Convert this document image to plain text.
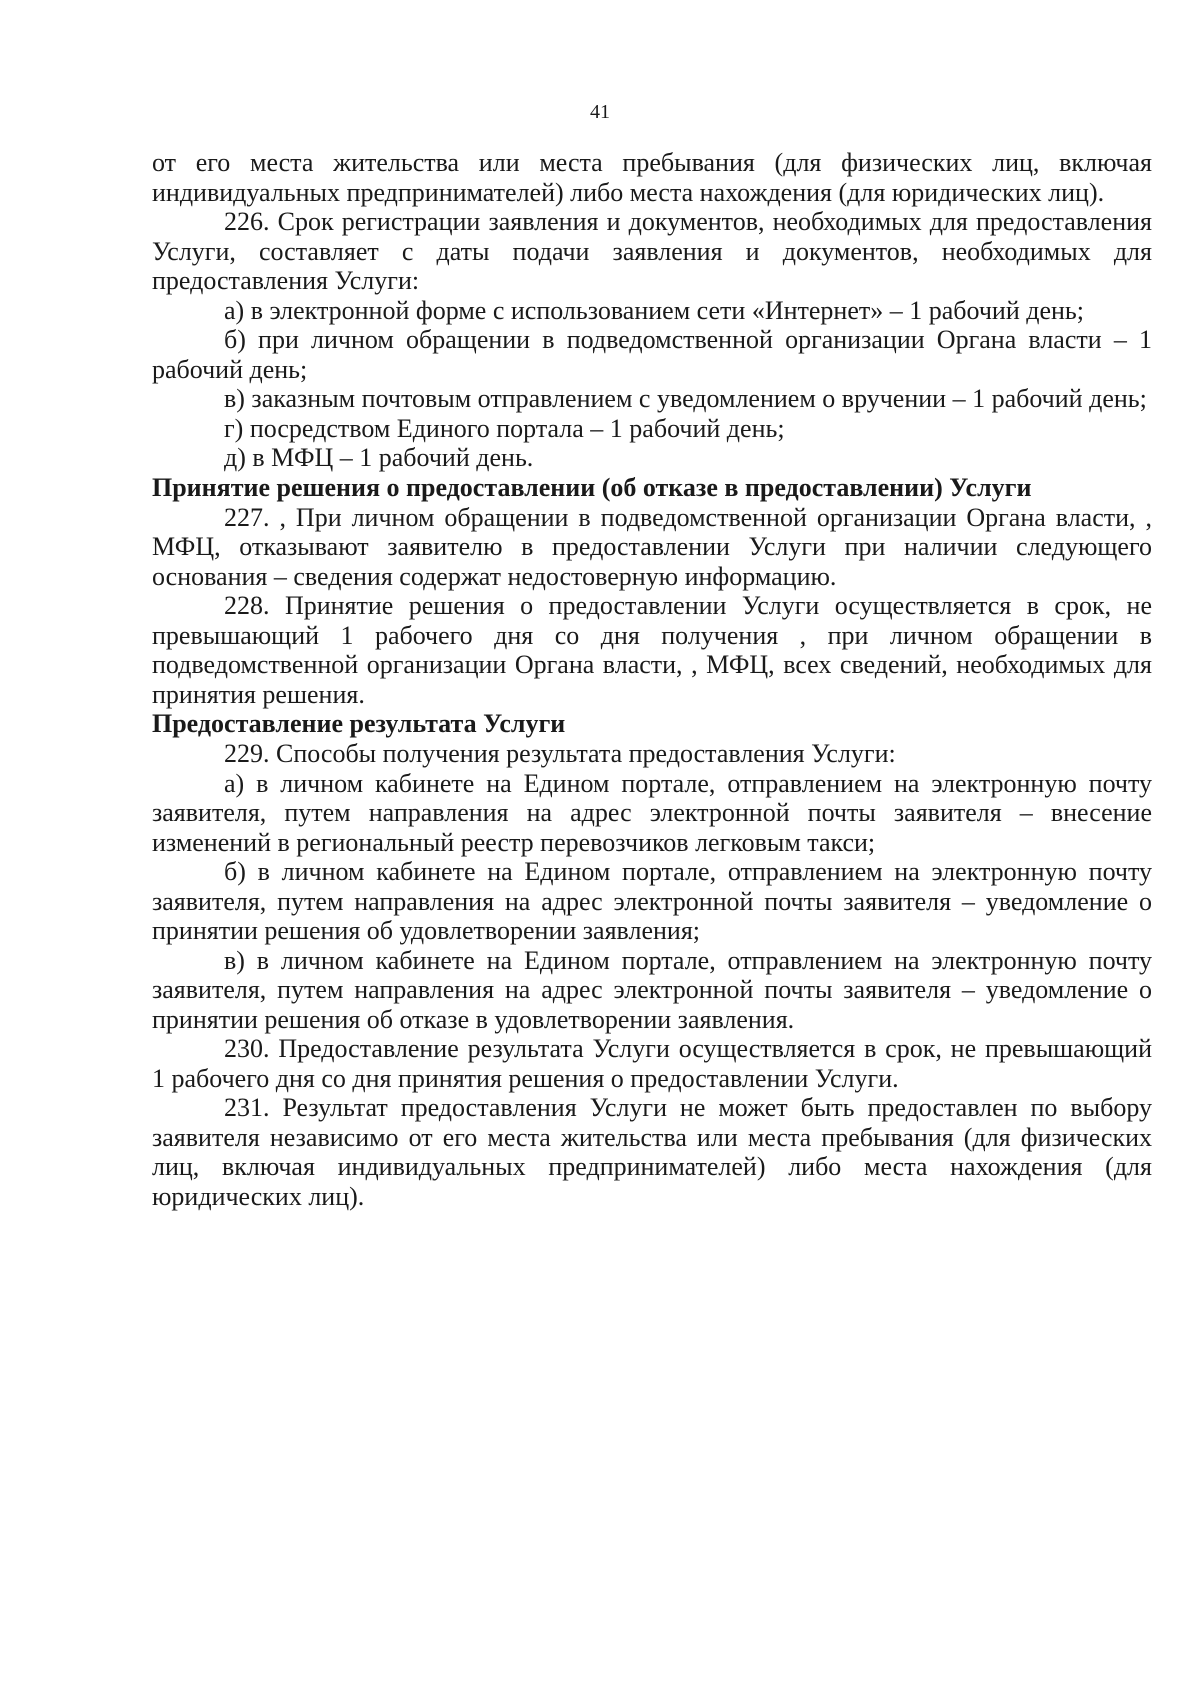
41

от его места жительства или места пребывания (для физических лиц, включая индивидуальных предпринимателей) либо места нахождения (для юридических лиц).

226. Срок регистрации заявления и документов, необходимых для предоставления Услуги, составляет с даты подачи заявления и документов, необходимых для предоставления Услуги:

а) в электронной форме с использованием сети «Интернет» – 1 рабочий день;

б) при личном обращении в подведомственной организации Органа власти – 1 рабочий день;

в) заказным почтовым отправлением с уведомлением о вручении – 1 рабочий день;

г) посредством Единого портала – 1 рабочий день;

д) в МФЦ – 1 рабочий день.

Принятие решения о предоставлении (об отказе в предоставлении) Услуги

227. , При личном обращении в подведомственной организации Органа власти, , МФЦ, отказывают заявителю в предоставлении Услуги при наличии следующего основания – сведения содержат недостоверную информацию.

228. Принятие решения о предоставлении Услуги осуществляется в срок, не превышающий 1 рабочего дня со дня получения , при личном обращении в подведомственной организации Органа власти, , МФЦ, всех сведений, необходимых для принятия решения.

Предоставление результата Услуги

229. Способы получения результата предоставления Услуги:

а) в личном кабинете на Едином портале, отправлением на электронную почту заявителя, путем направления на адрес электронной почты заявителя – внесение изменений в региональный реестр перевозчиков легковым такси;

б) в личном кабинете на Едином портале, отправлением на электронную почту заявителя, путем направления на адрес электронной почты заявителя – уведомление о принятии решения об удовлетворении заявления;

в) в личном кабинете на Едином портале, отправлением на электронную почту заявителя, путем направления на адрес электронной почты заявителя – уведомление о принятии решения об отказе в удовлетворении заявления.

230. Предоставление результата Услуги осуществляется в срок, не превышающий 1 рабочего дня со дня принятия решения о предоставлении Услуги.

231. Результат предоставления Услуги не может быть предоставлен по выбору заявителя независимо от его места жительства или места пребывания (для физических лиц, включая индивидуальных предпринимателей) либо места нахождения (для юридических лиц).
